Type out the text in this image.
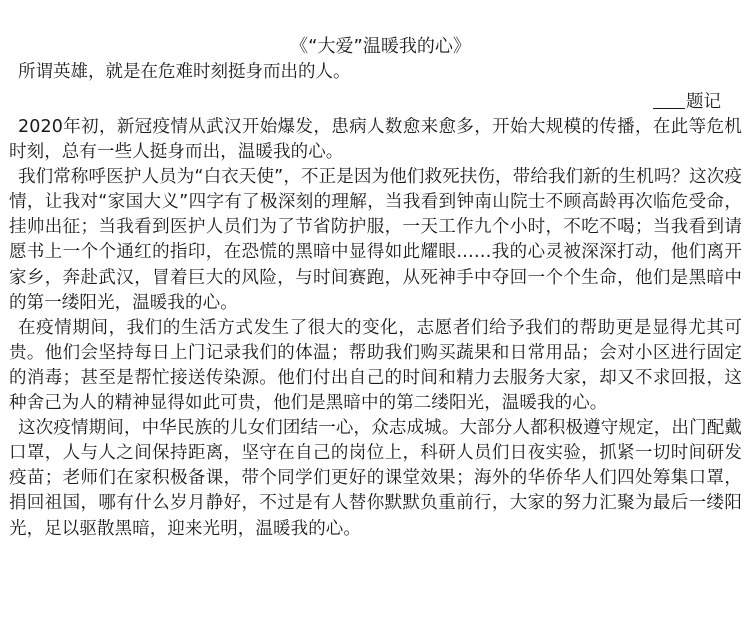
《“大爱”温暖我的心》

所谓英雄，就是在危难时刻挺身而出的人。

题记

2020年初，新冠疫情从武汉开始爆发，患病人数愈来愈多，开始大规模的传播，在此等危机时刻，总有一些人挺身而出，温暖我的心。

我们常称呼医护人员为“白衣天使”，不正是因为他们救死扶伤，带给我们新的生机吗？这次疫情，让我对“家国大义”四字有了极深刻的理解，当我看到钟南山院士不顾高龄再次临危受命，挂帅出征；当我看到医护人员们为了节省防护服，一天工作九个小时，不吃不喝；当我看到请愿书上一个个通红的指印，在恐慌的黑暗中显得如此耀眼……我的心灵被深深打动，他们离开家乡，奔赴武汉，冒着巨大的风险，与时间赛跑，从死神手中夺回一个个生命，他们是黑暗中的第一缕阳光，温暖我的心。

在疫情期间，我们的生活方式发生了很大的变化，志愿者们给予我们的帮助更是显得尤其可贵。他们会坚持每日上门记录我们的体温；帮助我们购买蔬果和日常用品；会对小区进行固定的消毒；甚至是帮忙接送传染源。他们付出自己的时间和精力去服务大家，却又不求回报，这种舍己为人的精神显得如此可贵，他们是黑暗中的第二缕阳光，温暖我的心。

这次疫情期间，中华民族的儿女们团结一心，众志成城。大部分人都积极遵守规定，出门配戴口罩，人与人之间保持距离，坚守在自己的岗位上，科研人员们日夜实验，抓紧一切时间研发疫苗；老师们在家积极备课，带个同学们更好的课堂效果；海外的华侨华人们四处筹集口罩，捐回祖国，哪有什么岁月静好，不过是有人替你默默负重前行，大家的努力汇聚为最后一缕阳光，足以驱散黑暗，迎来光明，温暖我的心。
